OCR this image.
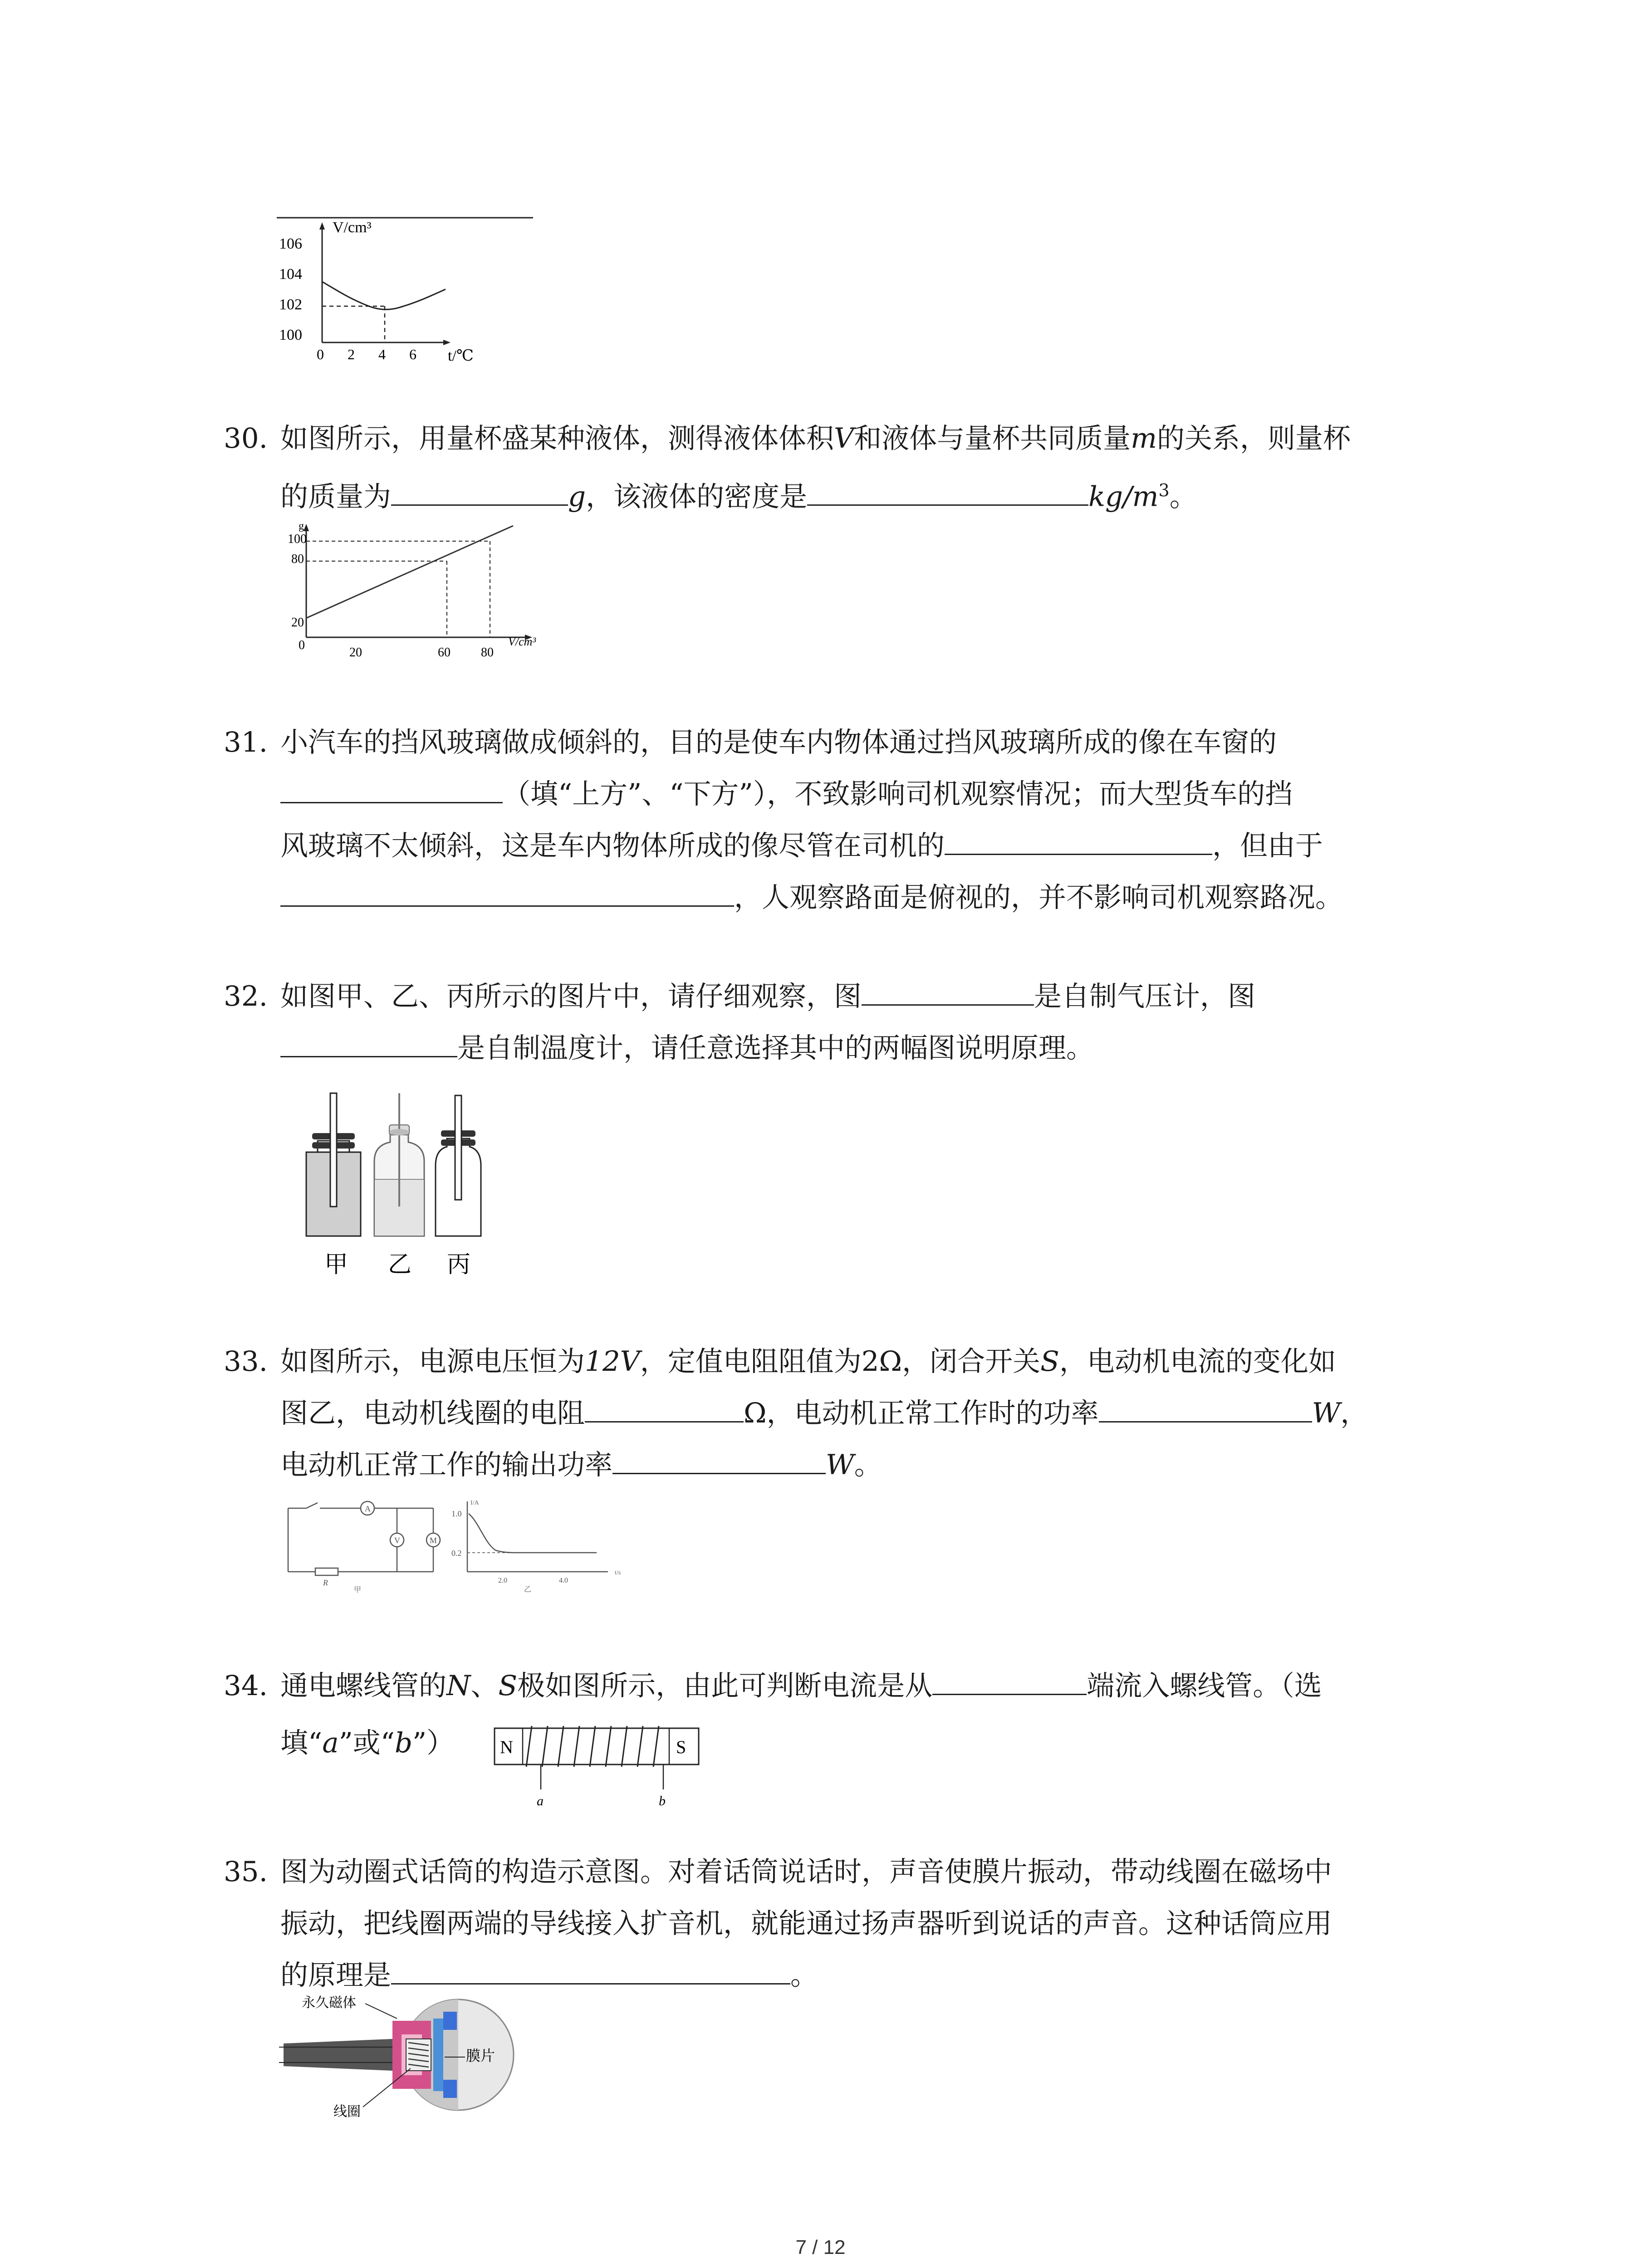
V/cm³
t/℃
106
104
102
100
0 2 4 6
30. 如图所示，用量杯盛某种液体，测得液体体积V和液体与量杯共同质量m的关系，则量杯
的质量为	g，该液体的密度是	$kg/m^3$。
g
V/cm³
100
80
20
0
20	60 80
31. 小汽车的挡风玻璃做成倾斜的，目的是使车内物体通过挡风玻璃所成的像在车窗的
（填“上方”、“下方”），不致影响司机观察情况；而大型货车的挡
风玻璃不太倾斜，这是车内物体所成的像尽管在司机的	，但由于
，人观察路面是俯视的，并不影响司机观察路况。
32. 如图甲、乙、丙所示的图片中，请仔细观察，图	是自制气压计，图
是自制温度计，请任意选择其中的两幅图说明原理。
甲 乙 丙
33. 如图所示，电源电压恒为12V，定值电阻阻值为2Ω，闭合开关S，电动机电流的变化如
图乙，电动机线圈的电阻	Ω，电动机正常工作时的功率	W，
电动机正常工作的输出功率	W。
A
V	M
R
甲
I/A
t/s
1.0
0.2
2.0	4.0
乙
34. 通电螺线管的N、S极如图所示，由此可判断电流是从	端流入螺线管。（选
填“a”或“b”）	N	S
a	b
35. 图为动圈式话筒的构造示意图。对着话筒说话时，声音使膜片振动，带动线圈在磁场中
振动，把线圈两端的导线接入扩音机，就能通过扬声器听到说话的声音。这种话筒应用
的原理是	。
永久磁体
膜片
线圈
7 / 12
